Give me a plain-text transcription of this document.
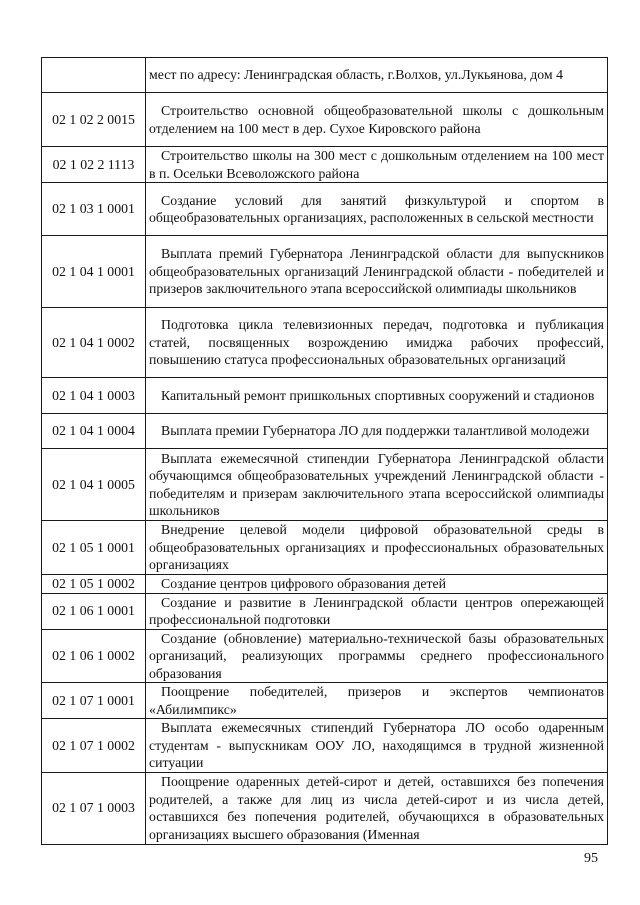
	мест по адресу: Ленинградская область, г.Волхов, ул.Лукьянова, дом 4

02 1 02 2 0015	Строительство основной общеобразовательной школы с дошкольным отделением на 100 мест в дер. Сухое Кировского района

02 1 02 2 1113	Строительство школы на 300 мест с дошкольным отделением на 100 мест в п. Осельки Всеволожского района

02 1 03 1 0001	Создание условий для занятий физкультурой и спортом в общеобразовательных организациях, расположенных в сельской местности

02 1 04 1 0001	Выплата премий Губернатора Ленинградской области для выпускников общеобразовательных организаций Ленинградской области - победителей и призеров заключительного этапа всероссийской олимпиады школьников

02 1 04 1 0002	Подготовка цикла телевизионных передач, подготовка и публикация статей, посвященных возрождению имиджа рабочих профессий, повышению статуса профессиональных образовательных организаций

02 1 04 1 0003	Капитальный ремонт пришкольных спортивных сооружений и стадионов

02 1 04 1 0004	Выплата премии Губернатора ЛО для поддержки талантливой молодежи

02 1 04 1 0005	Выплата ежемесячной стипендии Губернатора Ленинградской области обучающимся общеобразовательных учреждений Ленинградской области - победителям и призерам заключительного этапа всероссийской олимпиады школьников

02 1 05 1 0001	Внедрение целевой модели цифровой образовательной среды в общеобразовательных организациях и профессиональных образовательных организациях

02 1 05 1 0002	Создание центров цифрового образования детей

02 1 06 1 0001	Создание и развитие в Ленинградской области центров опережающей профессиональной подготовки

02 1 06 1 0002	Создание (обновление) материально-технической базы образовательных организаций, реализующих программы среднего профессионального образования

02 1 07 1 0001	Поощрение победителей, призеров и экспертов чемпионатов «Абилимпикс»

02 1 07 1 0002	Выплата ежемесячных стипендий Губернатора ЛО особо одаренным студентам - выпускникам ООУ ЛО, находящимся в трудной жизненной ситуации

02 1 07 1 0003	Поощрение одаренных детей-сирот и детей, оставшихся без попечения родителей, а также для лиц из числа детей-сирот и из числа детей, оставшихся без попечения родителей, обучающихся в образовательных организациях высшего образования (Именная

95
